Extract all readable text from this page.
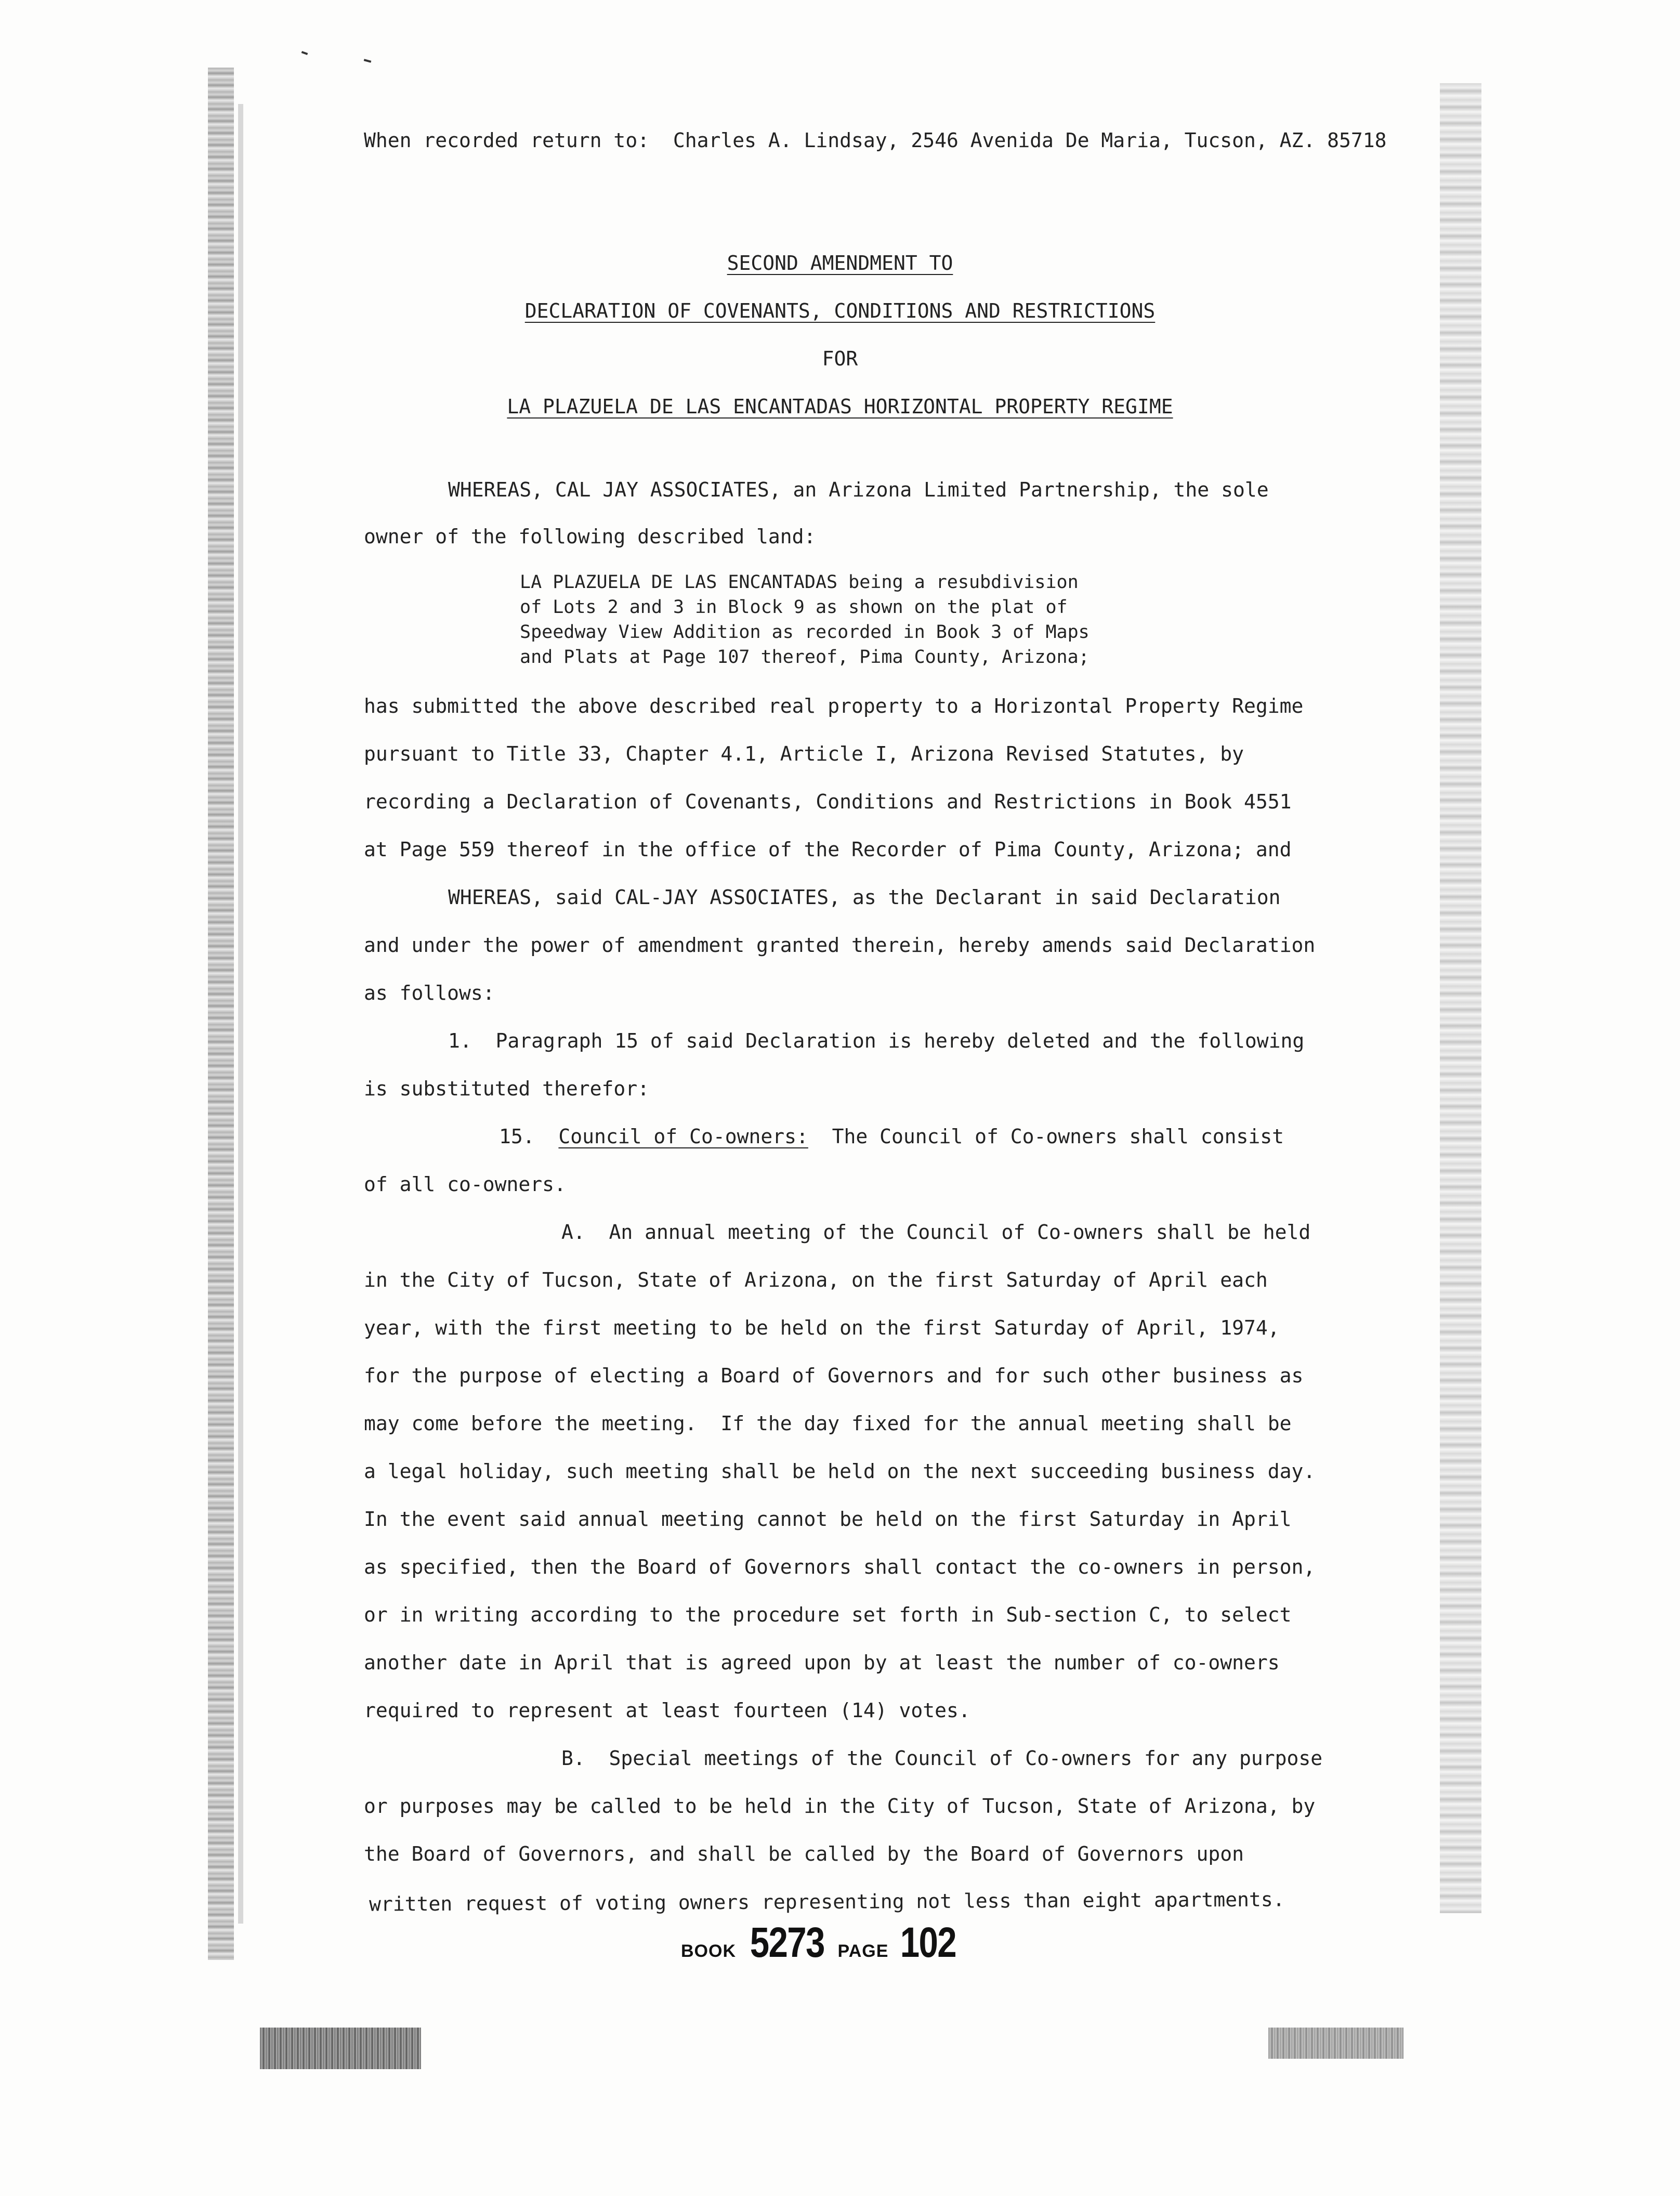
When recorded return to:  Charles A. Lindsay, 2546 Avenida De Maria, Tucson, AZ. 85718
SECOND AMENDMENT TO
DECLARATION OF COVENANTS, CONDITIONS AND RESTRICTIONS
FOR
LA PLAZUELA DE LAS ENCANTADAS HORIZONTAL PROPERTY REGIME
WHEREAS, CAL JAY ASSOCIATES, an Arizona Limited Partnership, the sole
owner of the following described land:
LA PLAZUELA DE LAS ENCANTADAS being a resubdivision
of Lots 2 and 3 in Block 9 as shown on the plat of
Speedway View Addition as recorded in Book 3 of Maps
and Plats at Page 107 thereof, Pima County, Arizona;
has submitted the above described real property to a Horizontal Property Regime
pursuant to Title 33, Chapter 4.1, Article I, Arizona Revised Statutes, by
recording a Declaration of Covenants, Conditions and Restrictions in Book 4551
at Page 559 thereof in the office of the Recorder of Pima County, Arizona; and
WHEREAS, said CAL-JAY ASSOCIATES, as the Declarant in said Declaration
and under the power of amendment granted therein, hereby amends said Declaration
as follows:
1.  Paragraph 15 of said Declaration is hereby deleted and the following
is substituted therefor:
15. Council of Co-owners:  The Council of Co-owners shall consist
of all co-owners.
A.  An annual meeting of the Council of Co-owners shall be held
in the City of Tucson, State of Arizona, on the first Saturday of April each
year, with the first meeting to be held on the first Saturday of April, 1974,
for the purpose of electing a Board of Governors and for such other business as
may come before the meeting.  If the day fixed for the annual meeting shall be
a legal holiday, such meeting shall be held on the next succeeding business day.
In the event said annual meeting cannot be held on the first Saturday in April
as specified, then the Board of Governors shall contact the co-owners in person,
or in writing according to the procedure set forth in Sub-section C, to select
another date in April that is agreed upon by at least the number of co-owners
required to represent at least fourteen (14) votes.
B.  Special meetings of the Council of Co-owners for any purpose
or purposes may be called to be held in the City of Tucson, State of Arizona, by
the Board of Governors, and shall be called by the Board of Governors upon
written request of voting owners representing not less than eight apartments.
BOOK 5273 PAGE 102
